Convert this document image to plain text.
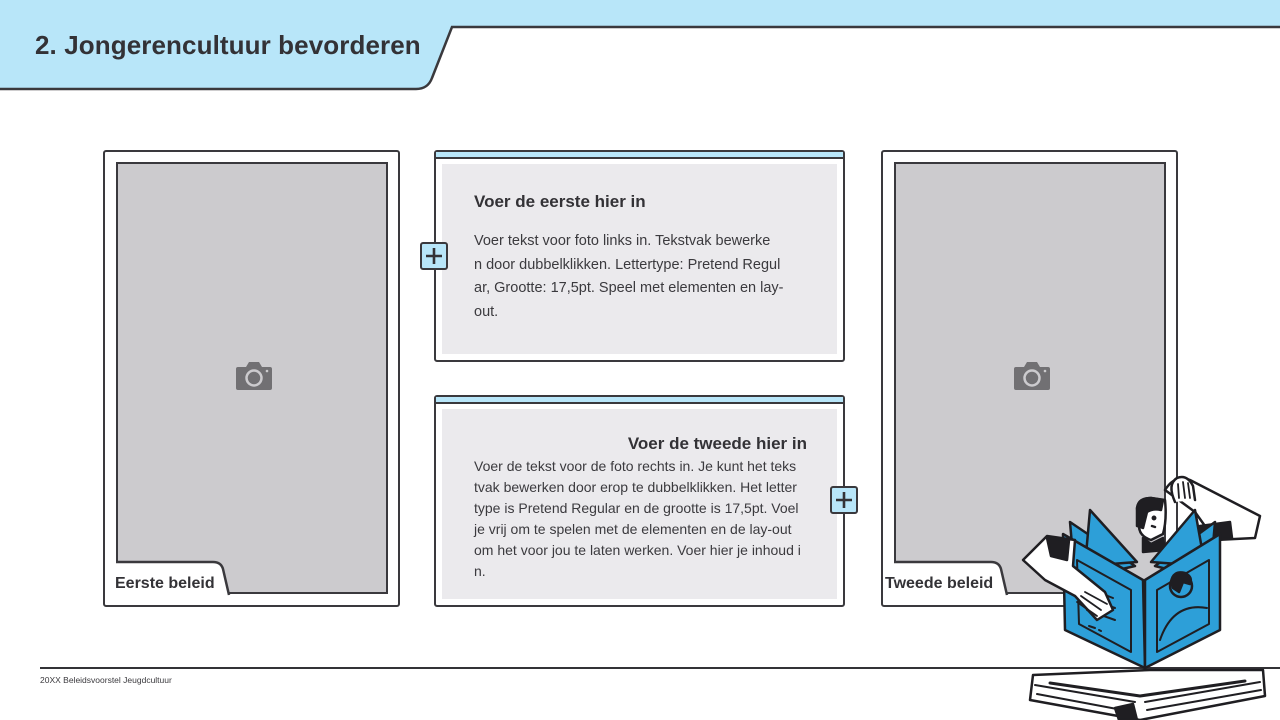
2. Jongerencultuur bevorderen
Eerste beleid	Tweede beleid
Voer de eerste hier in
Voer tekst voor foto links in. Tekstvak bewerke
n door dubbelklikken. Lettertype: Pretend Regul
ar, Grootte: 17,5pt. Speel met elementen en lay-
out.
Voer de tweede hier in
Voer de tekst voor de foto rechts in. Je kunt het teks
tvak bewerken door erop te dubbelklikken. Het letter
type is Pretend Regular en de grootte is 17,5pt. Voel
je vrij om te spelen met de elementen en de lay-out
om het voor jou te laten werken. Voer hier je inhoud i
n.
20XX Beleidsvoorstel Jeugdcultuur
